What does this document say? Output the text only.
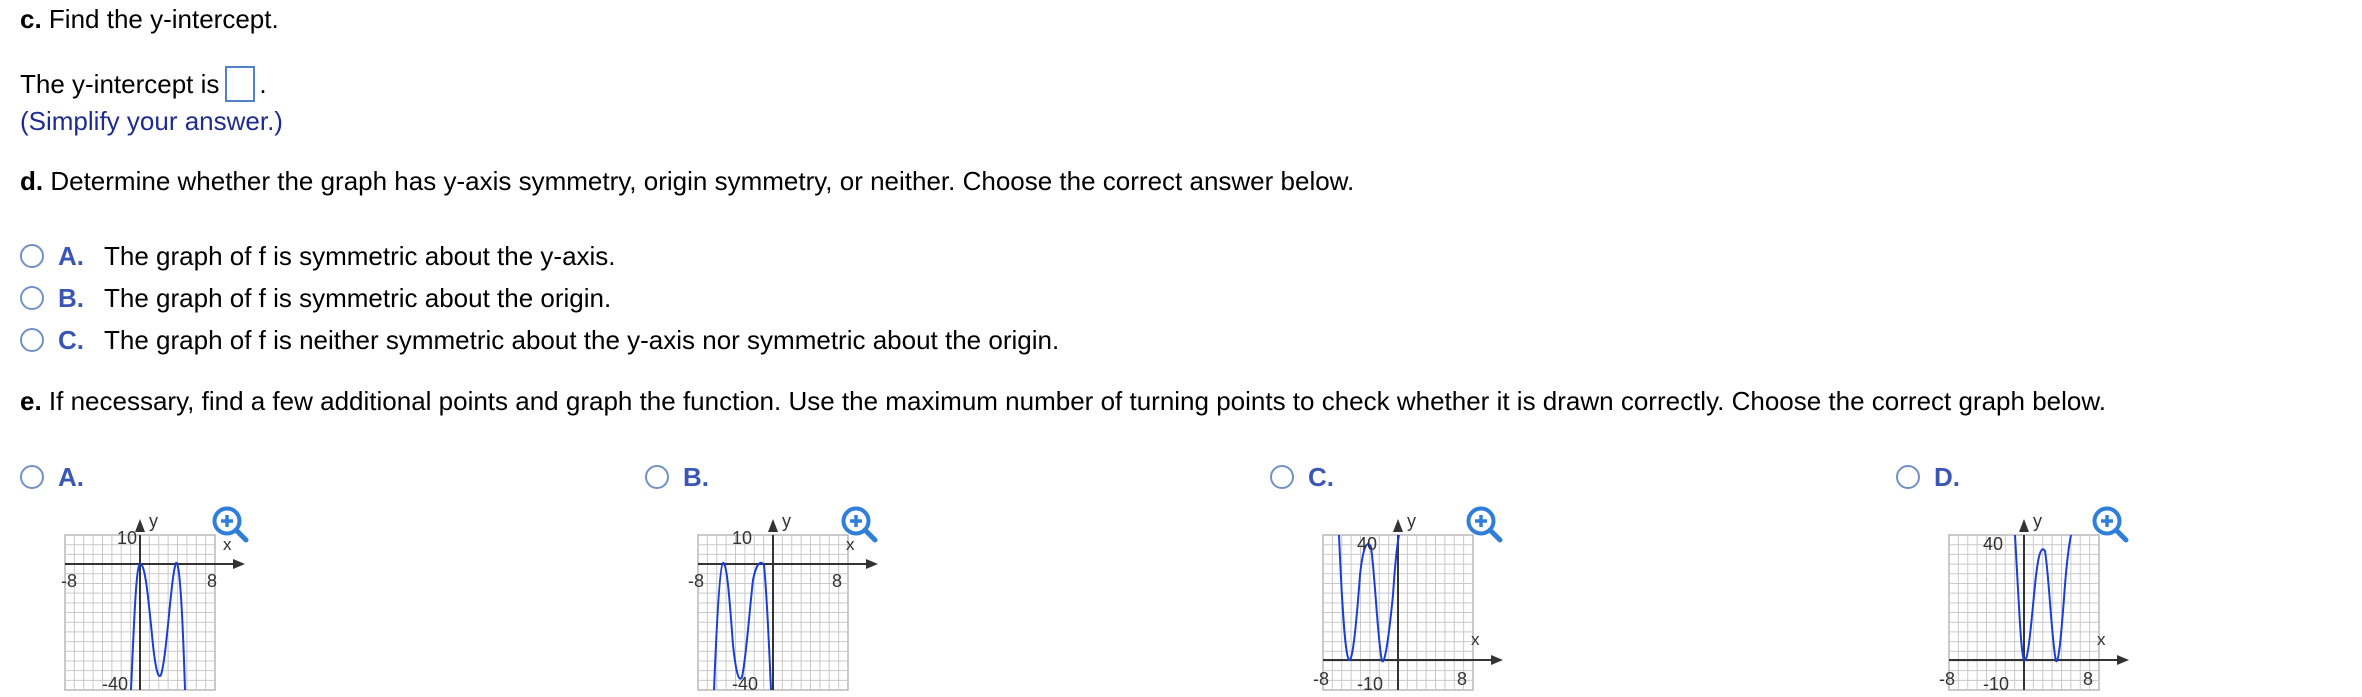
c. Find the y-intercept.
The y-intercept is .
(Simplify your answer.)
d. Determine whether the graph has y-axis symmetry, origin symmetry, or neither. Choose the correct answer below.
A. The graph of f is symmetric about the y-axis.
B. The graph of f is symmetric about the origin.
C. The graph of f is neither symmetric about the y-axis nor symmetric about the origin.
e. If necessary, find a few additional points and graph the function. Use the maximum number of turning points to check whether it is drawn correctly. Choose the correct graph below.
A.	B.	C.	D.
10
-40
-8	8
y
x	10
-40
-8	8
y
x	40
-10
-8	8
y
x
40
-10
-8	8
y
x
